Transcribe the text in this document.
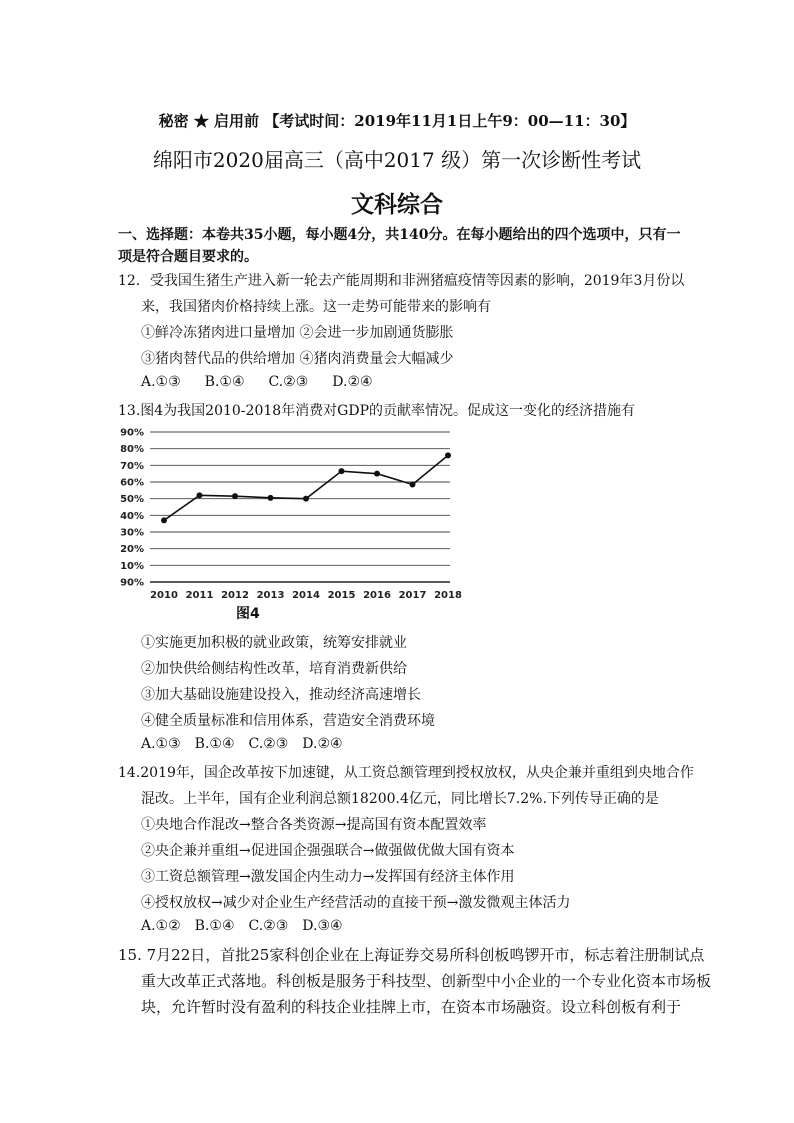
秘密 ★ 启用前 【考试时间：2019年11月1日上午9：00—11：30】
绵阳市2020届高三（高中2017 级）第一次诊断性考试
文科综合
一、选择题：本卷共35小题，每小题4分，共140分。在每小题给出的四个选项中，只有一
项是符合题目要求的。
12．受我国生猪生产进入新一轮去产能周期和非洲猪瘟疫情等因素的影响，2019年3月份以
来，我国猪肉价格持续上涨。这一走势可能带来的影响有
①鲜冷冻猪肉进口量增加 ②会进一步加剧通货膨胀
③猪肉替代品的供给增加 ④猪肉消费量会大幅减少
A.①③ B.①④ C.②③ D.②④
13.图4为我国2010-2018年消费对GDP的贡献率情况。促成这一变化的经济措施有
90%
80%
70%
60%
50%
40%
30%
20%
10%
90%
2010 2011 2012 2013 2014 2015 2016 2017 2018
图4
①实施更加积极的就业政策，统筹安排就业
②加快供给侧结构性改革，培育消费新供给
③加大基础设施建设投入，推动经济高速增长
④健全质量标准和信用体系，营造安全消费环境
A.①③ B.①④ C.②③ D.②④
14.2019年，国企改革按下加速键，从工资总额管理到授权放权，从央企兼并重组到央地合作
混改。上半年，国有企业利润总额18200.4亿元，同比增长7.2%.下列传导正确的是
①央地合作混改→整合各类资源→提高国有资本配置效率
②央企兼并重组→促进国企强强联合→做强做优做大国有资本
③工资总额管理→激发国企内生动力→发挥国有经济主体作用
④授权放权→减少对企业生产经营活动的直接干预→激发微观主体活力
A.①② B.①④ C.②③ D.③④
15. 7月22日，首批25家科创企业在上海证券交易所科创板鸣锣开市，标志着注册制试点
重大改革正式落地。科创板是服务于科技型、创新型中小企业的一个专业化资本市场板
块，允许暂时没有盈利的科技企业挂牌上市，在资本市场融资。设立科创板有利于
